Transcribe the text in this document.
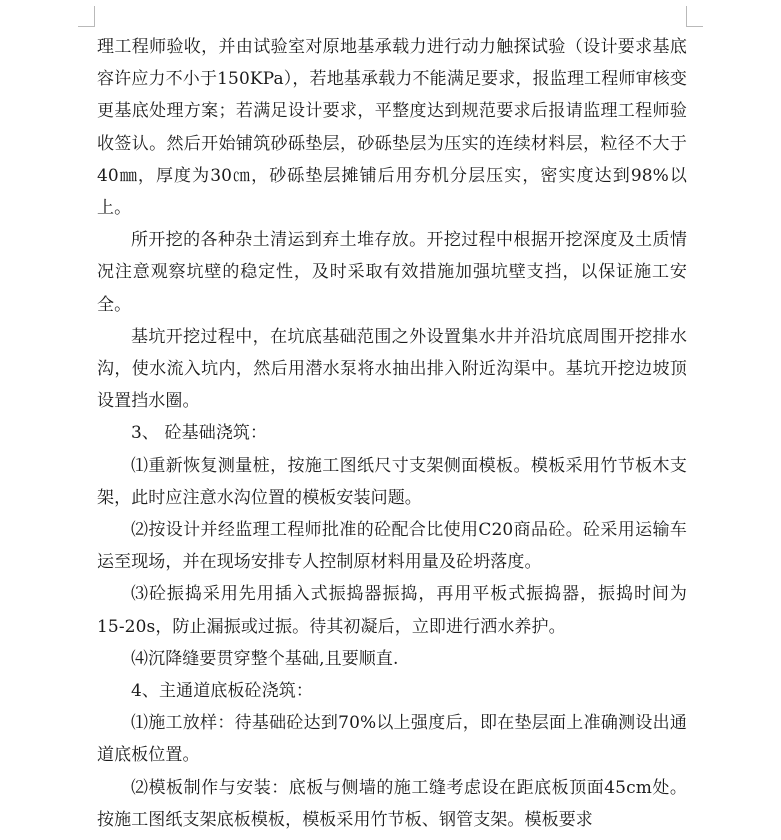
理工程师验收，并由试验室对原地基承载力进行动力触探试验（设计要求基底容许应力不小于150KPa），若地基承载力不能满足要求，报监理工程师审核变更基底处理方案；若满足设计要求，平整度达到规范要求后报请监理工程师验收签认。然后开始铺筑砂砾垫层，砂砾垫层为压实的连续材料层，粒径不大于40㎜，厚度为30㎝，砂砾垫层摊铺后用夯机分层压实，密实度达到98%以上。

所开挖的各种杂土清运到弃土堆存放。开挖过程中根据开挖深度及土质情况注意观察坑壁的稳定性，及时采取有效措施加强坑壁支挡，以保证施工安全。

基坑开挖过程中，在坑底基础范围之外设置集水井并沿坑底周围开挖排水沟，使水流入坑内，然后用潜水泵将水抽出排入附近沟渠中。基坑开挖边坡顶设置挡水圈。

3、 砼基础浇筑：

⑴重新恢复测量桩，按施工图纸尺寸支架侧面模板。模板采用竹节板木支架，此时应注意水沟位置的模板安装问题。

⑵按设计并经监理工程师批准的砼配合比使用C20商品砼。砼采用运输车运至现场，并在现场安排专人控制原材料用量及砼坍落度。

⑶砼振捣采用先用插入式振捣器振捣，再用平板式振捣器，振捣时间为15-20s，防止漏振或过振。待其初凝后，立即进行洒水养护。

⑷沉降缝要贯穿整个基础,且要顺直.

4、主通道底板砼浇筑：

⑴施工放样：待基础砼达到70%以上强度后，即在垫层面上准确测设出通道底板位置。

⑵模板制作与安装：底板与侧墙的施工缝考虑设在距底板顶面45cm处。按施工图纸支架底板模板，模板采用竹节板、钢管支架。模板要求
